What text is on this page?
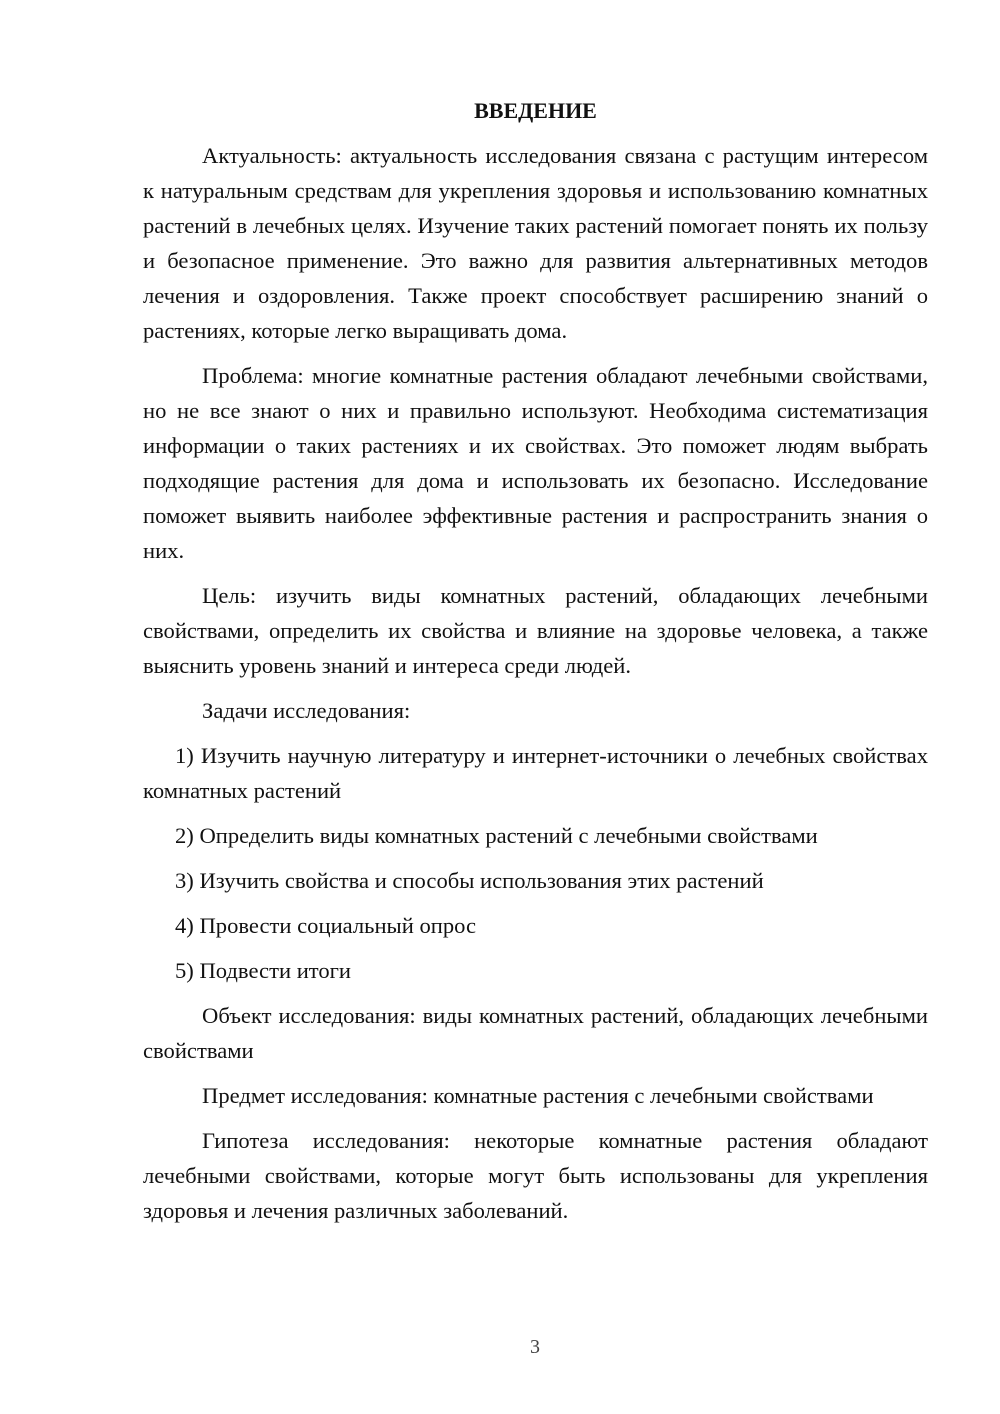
ВВЕДЕНИЕ

Актуальность: актуальность исследования связана с растущим интересом к натуральным средствам для укрепления здоровья и использованию комнатных растений в лечебных целях. Изучение таких растений помогает понять их пользу и безопасное применение. Это важно для развития альтернативных методов лечения и оздоровления. Также проект способствует расширению знаний о растениях, которые легко выращивать дома.

Проблема: многие комнатные растения обладают лечебными свойствами, но не все знают о них и правильно используют. Необходима систематизация информации о таких растениях и их свойствах. Это поможет людям выбрать подходящие растения для дома и использовать их безопасно. Исследование поможет выявить наиболее эффективные растения и распространить знания о них.

Цель: изучить виды комнатных растений, обладающих лечебными свойствами, определить их свойства и влияние на здоровье человека, а также выяснить уровень знаний и интереса среди людей.

Задачи исследования:

1) Изучить научную литературу и интернет-источники о лечебных свойствах комнатных растений

2) Определить виды комнатных растений с лечебными свойствами

3) Изучить свойства и способы использования этих растений

4) Провести социальный опрос

5) Подвести итоги

Объект исследования: виды комнатных растений, обладающих лечебными свойствами

Предмет исследования: комнатные растения с лечебными свойствами

Гипотеза исследования: некоторые комнатные растения обладают лечебными свойствами, которые могут быть использованы для укрепления здоровья и лечения различных заболеваний.

3
